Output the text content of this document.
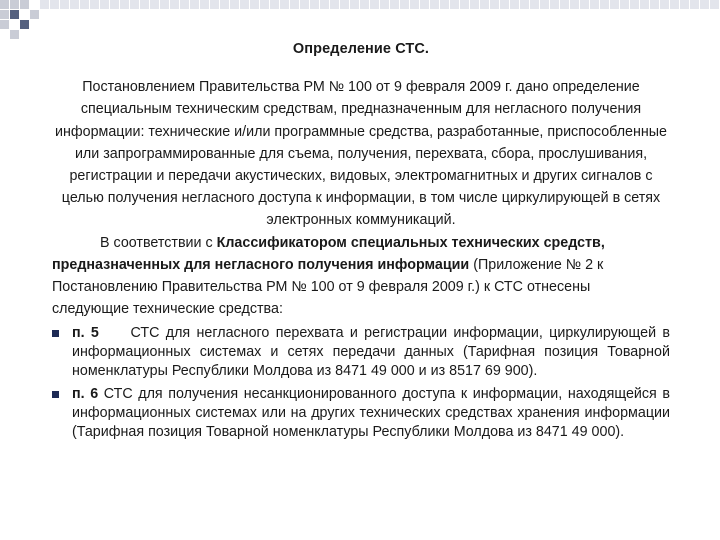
Определение СТС.

Постановлением Правительства РМ № 100 от 9 февраля 2009 г. дано определение специальным техническим средствам, предназначенным для негласного получения информации: технические и/или программные средства, разработанные, приспособленные или запрограммированные для съема, получения, перехвата, сбора, прослушивания, регистрации и передачи акустических, видовых, электромагнитных и других сигналов с целью получения негласного доступа к информации, в том числе циркулирующей в сетях электронных коммуникаций.

В соответствии с Классификатором специальных технических средств, предназначенных для негласного получения информации (Приложение № 2 к Постановлению Правительства РМ № 100 от 9 февраля 2009 г.) к СТС отнесены следующие технические средства:

п. 5 СТС для негласного перехвата и регистрации информации, циркулирующей в информационных системах и сетях передачи данных (Тарифная позиция Товарной номенклатуры Республики Молдова из 8471 49 000 и из 8517 69 900).
п. 6 СТС для получения несанкционированного доступа к информации, находящейся в информационных системах или на других технических средствах хранения информации (Тарифная позиция Товарной номенклатуры Республики Молдова из 8471 49 000).
